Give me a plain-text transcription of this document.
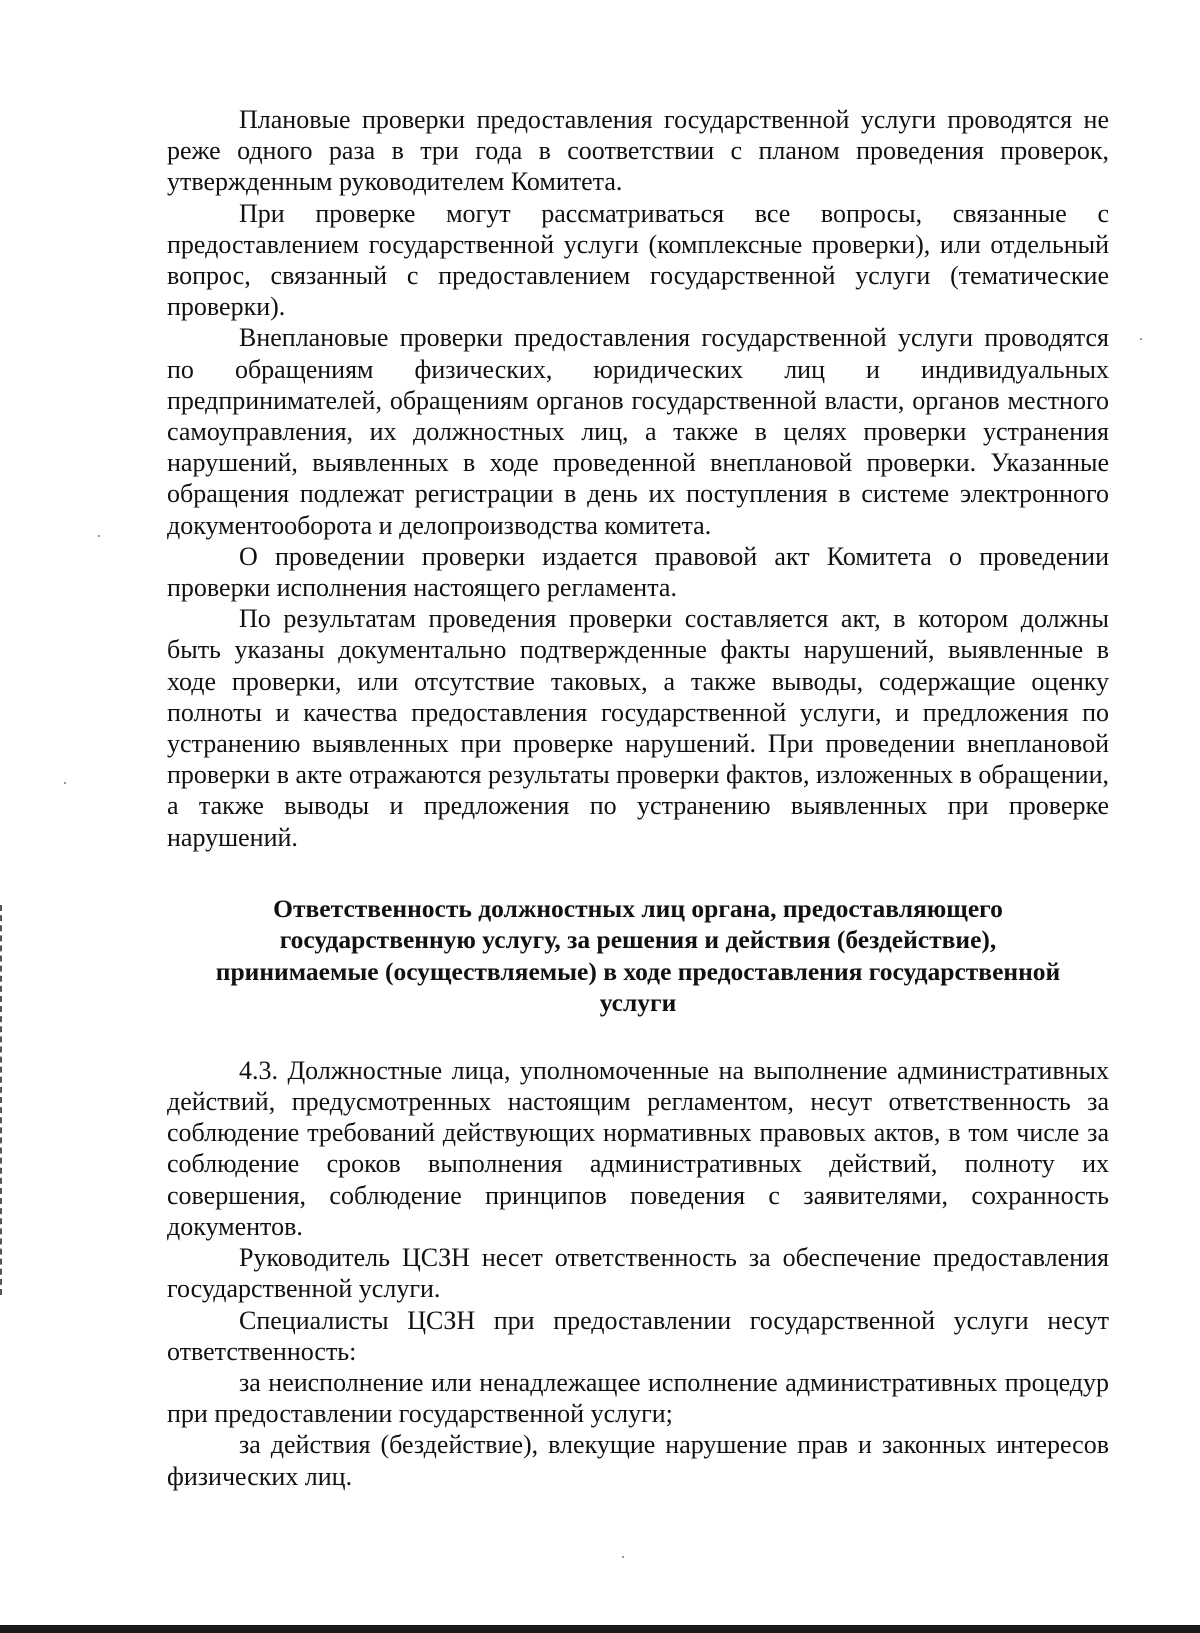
Плановые проверки предоставления государственной услуги проводятся не реже одного раза в три года в соответствии с планом проведения проверок, утвержденным руководителем Комитета.

При проверке могут рассматриваться все вопросы, связанные с предоставлением государственной услуги (комплексные проверки), или отдельный вопрос, связанный с предоставлением государственной услуги (тематические проверки).

Внеплановые проверки предоставления государственной услуги проводятся по обращениям физических, юридических лиц и индивидуальных предпринимателей, обращениям органов государственной власти, органов местного самоуправления, их должностных лиц, а также в целях проверки устранения нарушений, выявленных в ходе проведенной внеплановой проверки. Указанные обращения подлежат регистрации в день их поступления в системе электронного документооборота и делопроизводства комитета.

О проведении проверки издается правовой акт Комитета о проведении проверки исполнения настоящего регламента.

По результатам проведения проверки составляется акт, в котором должны быть указаны документально подтвержденные факты нарушений, выявленные в ходе проверки, или отсутствие таковых, а также выводы, содержащие оценку полноты и качества предоставления государственной услуги, и предложения по устранению выявленных при проверке нарушений. При проведении внеплановой проверки в акте отражаются результаты проверки фактов, изложенных в обращении, а также выводы и предложения по устранению выявленных при проверке нарушений.

Ответственность должностных лиц органа, предоставляющего
государственную услугу, за решения и действия (бездействие),
принимаемые (осуществляемые) в ходе предоставления государственной
услуги

4.3. Должностные лица, уполномоченные на выполнение административных действий, предусмотренных настоящим регламентом, несут ответственность за соблюдение требований действующих нормативных правовых актов, в том числе за соблюдение сроков выполнения административных действий, полноту их совершения, соблюдение принципов поведения с заявителями, сохранность документов.

Руководитель ЦСЗН несет ответственность за обеспечение предоставления государственной услуги.

Специалисты ЦСЗН при предоставлении государственной услуги несут ответственность:

за неисполнение или ненадлежащее исполнение административных процедур при предоставлении государственной услуги;

за действия (бездействие), влекущие нарушение прав и законных интересов физических лиц.
